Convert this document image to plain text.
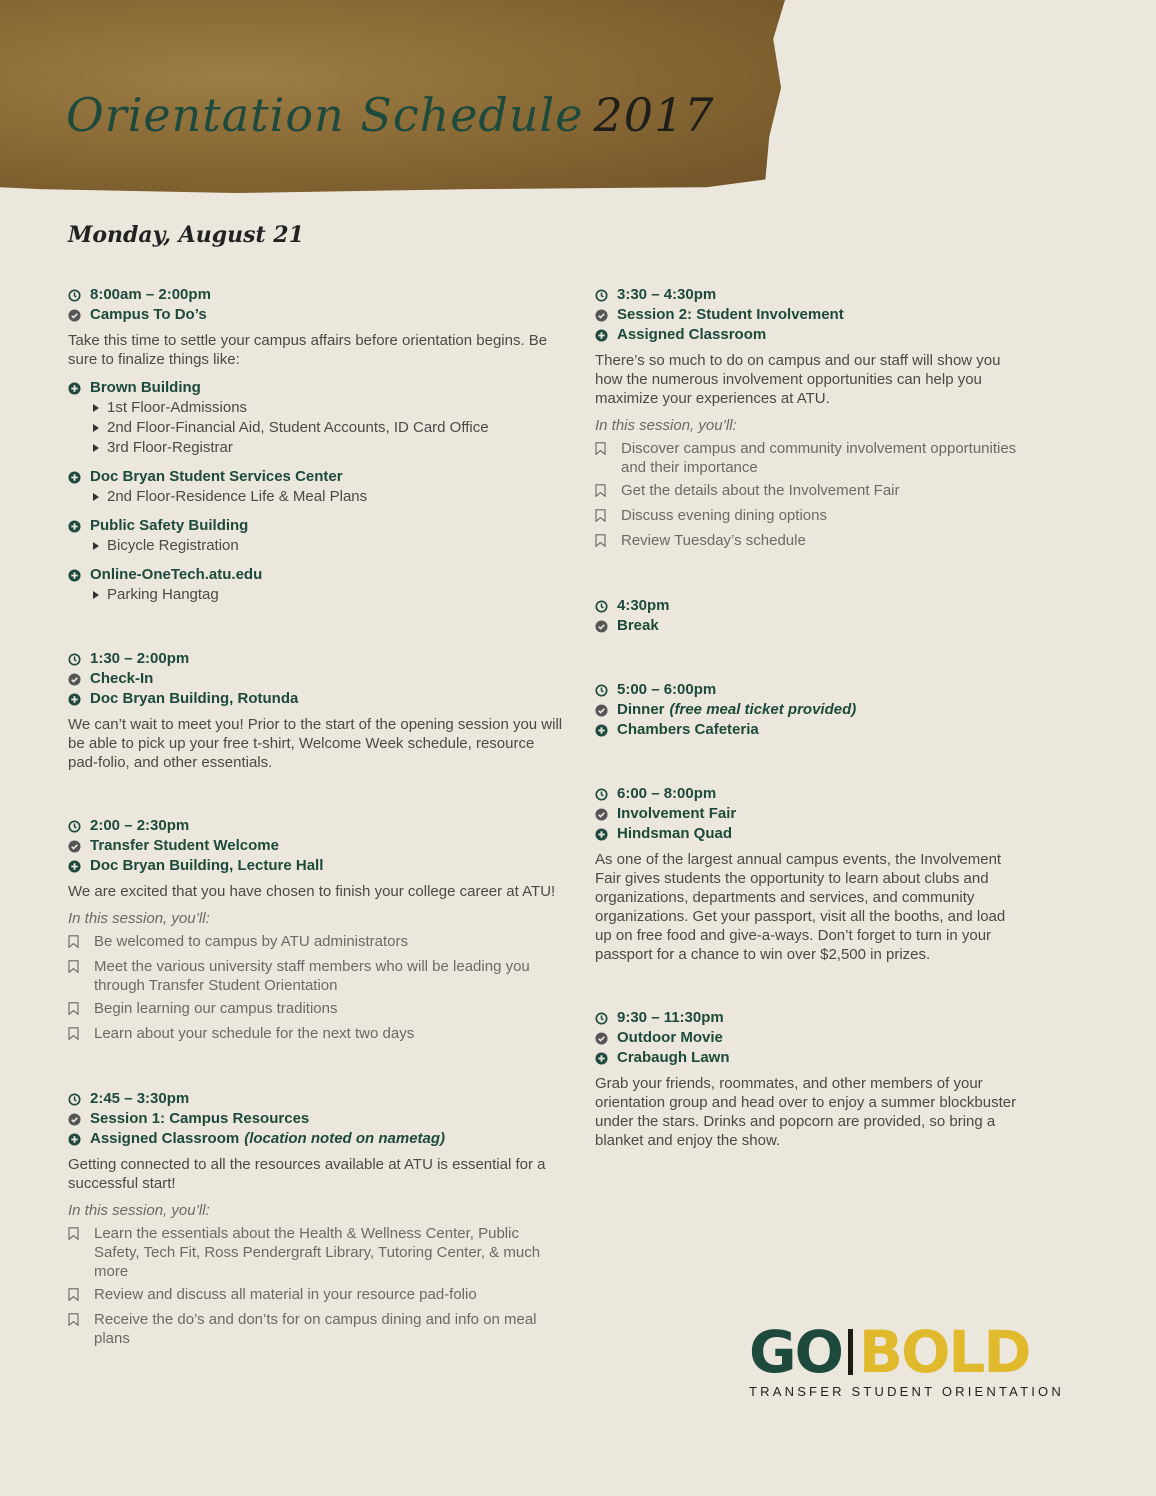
Orientation Schedule 2017
Monday, August 21
8:00am – 2:00pm
Campus To Do’s
Take this time to settle your campus affairs before orientation begins. Be sure to finalize things like:
Brown Building
1st Floor-Admissions
2nd Floor-Financial Aid, Student Accounts, ID Card Office
3rd Floor-Registrar
Doc Bryan Student Services Center
2nd Floor-Residence Life & Meal Plans
Public Safety Building
Bicycle Registration
Online-OneTech.atu.edu
Parking Hangtag
1:30 – 2:00pm
Check-In
Doc Bryan Building, Rotunda
We can’t wait to meet you! Prior to the start of the opening session you will be able to pick up your free t-shirt, Welcome Week schedule, resource pad-folio, and other essentials.
2:00 – 2:30pm
Transfer Student Welcome
Doc Bryan Building, Lecture Hall
We are excited that you have chosen to finish your college career at ATU!
In this session, you’ll:
Be welcomed to campus by ATU administrators
Meet the various university staff members who will be leading you through Transfer Student Orientation
Begin learning our campus traditions
Learn about your schedule for the next two days
2:45 – 3:30pm
Session 1: Campus Resources
Assigned Classroom (location noted on nametag)
Getting connected to all the resources available at ATU is essential for a successful start!
In this session, you’ll:
Learn the essentials about the Health & Wellness Center, Public Safety, Tech Fit, Ross Pendergraft Library, Tutoring Center, & much more
Review and discuss all material in your resource pad-folio
Receive the do’s and don’ts for on campus dining and info on meal plans
3:30 – 4:30pm
Session 2: Student Involvement
Assigned Classroom
There’s so much to do on campus and our staff will show you how the numerous involvement opportunities can help you maximize your experiences at ATU.
In this session, you’ll:
Discover campus and community involvement opportunities and their importance
Get the details about the Involvement Fair
Discuss evening dining options
Review Tuesday’s schedule
4:30pm
Break
5:00 – 6:00pm
Dinner (free meal ticket provided)
Chambers Cafeteria
6:00 – 8:00pm
Involvement Fair
Hindsman Quad
As one of the largest annual campus events, the Involvement Fair gives students the opportunity to learn about clubs and organizations, departments and services, and community organizations. Get your passport, visit all the booths, and load up on free food and give-a-ways. Don’t forget to turn in your passport for a chance to win over $2,500 in prizes.
9:30 – 11:30pm
Outdoor Movie
Crabaugh Lawn
Grab your friends, roommates, and other members of your orientation group and head over to enjoy a summer blockbuster under the stars. Drinks and popcorn are provided, so bring a blanket and enjoy the show.
GO BOLD
TRANSFER STUDENT ORIENTATION
